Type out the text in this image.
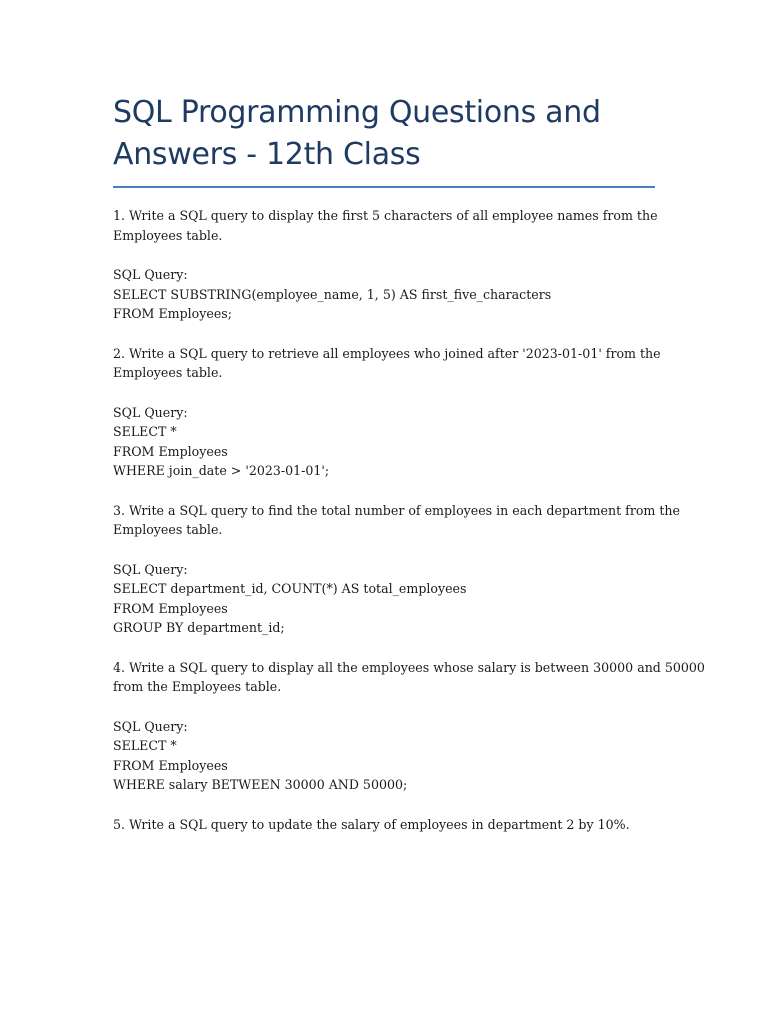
SQL Programming Questions and
Answers - 12th Class
1. Write a SQL query to display the first 5 characters of all employee names from the
Employees table.
SQL Query:
SELECT SUBSTRING(employee_name, 1, 5) AS first_five_characters
FROM Employees;
2. Write a SQL query to retrieve all employees who joined after '2023-01-01' from the
Employees table.
SQL Query:
SELECT *
FROM Employees
WHERE join_date > '2023-01-01';
3. Write a SQL query to find the total number of employees in each department from the
Employees table.
SQL Query:
SELECT department_id, COUNT(*) AS total_employees
FROM Employees
GROUP BY department_id;
4. Write a SQL query to display all the employees whose salary is between 30000 and 50000
from the Employees table.
SQL Query:
SELECT *
FROM Employees
WHERE salary BETWEEN 30000 AND 50000;
5. Write a SQL query to update the salary of employees in department 2 by 10%.
